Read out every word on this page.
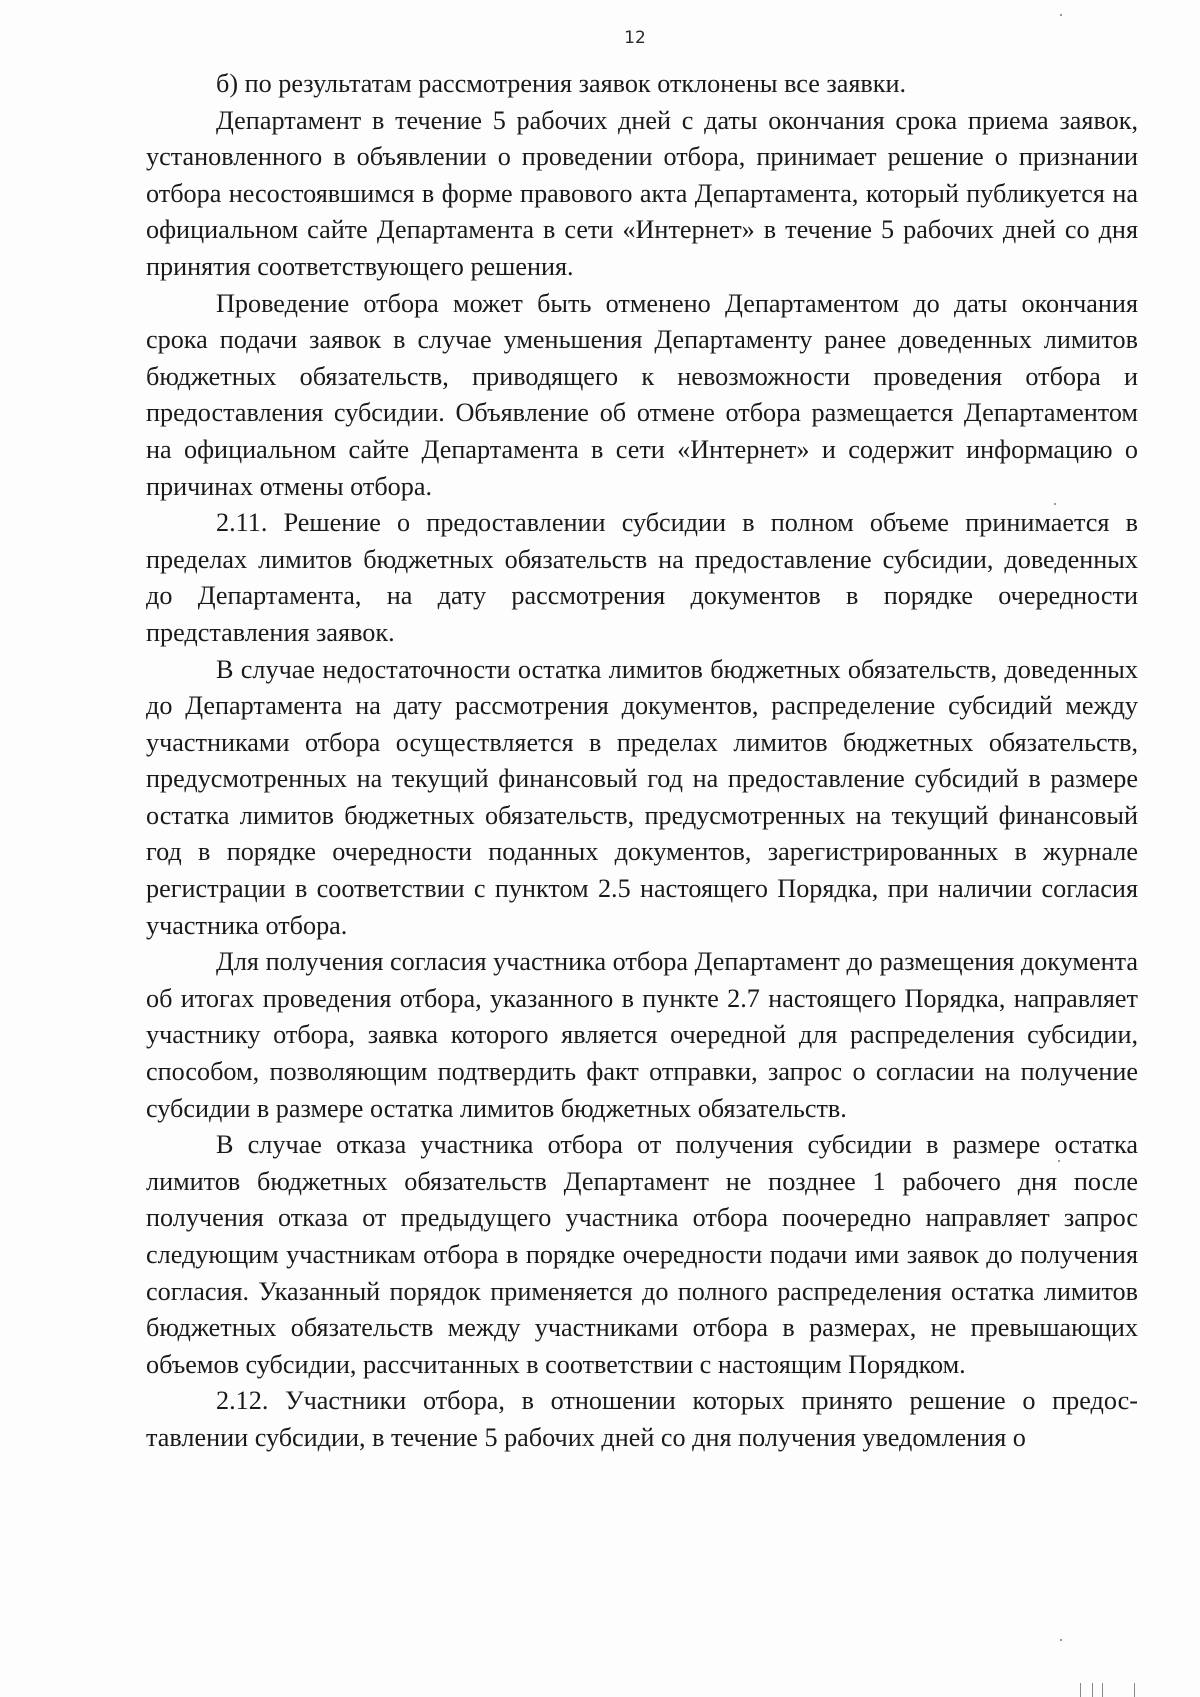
12

б) по результатам рассмотрения заявок отклонены все заявки.

Департамент в течение 5 рабочих дней с даты окончания срока приема заявок, установленного в объявлении о проведении отбора, принимает решение о признании отбора несостоявшимся в форме правового акта Департамента, который публикуется на официальном сайте Департамента в сети «Интернет» в течение 5 рабочих дней со дня принятия соответствующего решения.

Проведение отбора может быть отменено Департаментом до даты окончания срока подачи заявок в случае уменьшения Департаменту ранее доведенных лимитов бюджетных обязательств, приводящего к невозможности проведения отбора и предоставления субсидии. Объявление об отмене отбора размещается Департаментом на официальном сайте Департамента в сети «Интернет» и содержит информацию о причинах отмены отбора.

2.11. Решение о предоставлении субсидии в полном объеме принимается в пределах лимитов бюджетных обязательств на предоставление субсидии, доведенных до Департамента, на дату рассмотрения документов в порядке очередности представления заявок.

В случае недостаточности остатка лимитов бюджетных обязательств, доведенных до Департамента на дату рассмотрения документов, распределение субсидий между участниками отбора осуществляется в пределах лимитов бюджетных обязательств, предусмотренных на текущий финансовый год на предоставление субсидий в размере остатка лимитов бюджетных обязательств, предусмотренных на текущий финансовый год в порядке очередности поданных документов, зарегистрированных в журнале регистрации в соответствии с пунктом 2.5 настоящего Порядка, при наличии согласия участника отбора.

Для получения согласия участника отбора Департамент до размещения документа об итогах проведения отбора, указанного в пункте 2.7 настоящего Порядка, направляет участнику отбора, заявка которого является очередной для распределения субсидии, способом, позволяющим подтвердить факт отправки, запрос о согласии на получение субсидии в размере остатка лимитов бюджетных обязательств.

В случае отказа участника отбора от получения субсидии в размере остатка лимитов бюджетных обязательств Департамент не позднее 1 рабочего дня после получения отказа от предыдущего участника отбора поочередно направляет запрос следующим участникам отбора в порядке очередности подачи ими заявок до получения согласия. Указанный порядок применяется до полного распределения остатка лимитов бюджетных обязательств между участниками отбора в размерах, не превышающих объемов субсидии, рассчитанных в соответствии с настоящим Порядком.

2.12. Участники отбора, в отношении которых принято решение о предоставлении субсидии, в течение 5 рабочих дней со дня получения уведомления о
